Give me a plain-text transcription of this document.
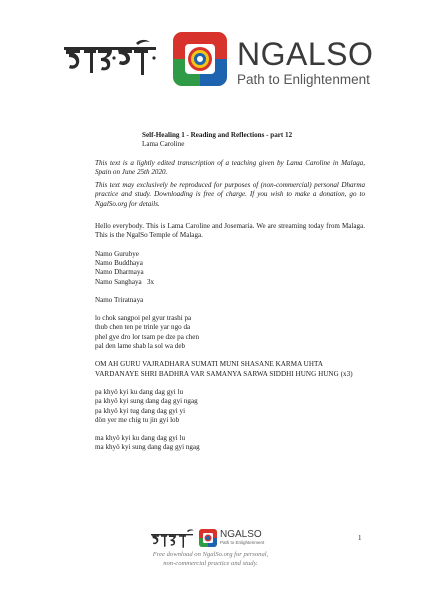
NGALSO
Path to Enlightenment
Self-Healing 1 - Reading and Reflections - part 12
Lama Caroline

This text is a lightly edited transcription of a teaching given by Lama Caroline in Malaga, Spain on June 25th 2020.

This text may exclusively be reproduced for purposes of (non-commercial) personal Dharma practice and study. Downloading is free of charge. If you wish to make a donation, go to NgalSo.org for details.

Hello everybody. This is Lama Caroline and Josemaria. We are streaming today from Malaga. This is the NgalSo Temple of Malaga.

Namo Gurubye
Namo Buddhaya
Namo Dharmaya
Namo Sanghaya   3x
Namo Triratnaya
lo chok sangpoi pel gyur trashi pa
thub chen ten pe trinle yar ngo da
phel gye dro lor tsam pe dze pa chen
pal den lame shab la sol wa deb

OM AH GURU VAJRADHARA SUMATI MUNI SHASANE KARMA UHTA VARDANAYE SHRI BADHRA VAR SAMANYA SARWA SIDDHI HUNG HUNG (x3)

pa khyö kyi ku dang dag gyi lu
pa khyö kyi sung dang dag gyi ngag
pa khyö kyi tug dang dag gyi yi
dön yer me chig tu jin gyi lob
ma khyö kyi ku dang dag gyi lu
ma khyö kyi sung dang dag gyi ngag
NGALSO
Path to Enlightenment
Free download on NgalSo.org for personal,
non-commercial practice and study.
1
